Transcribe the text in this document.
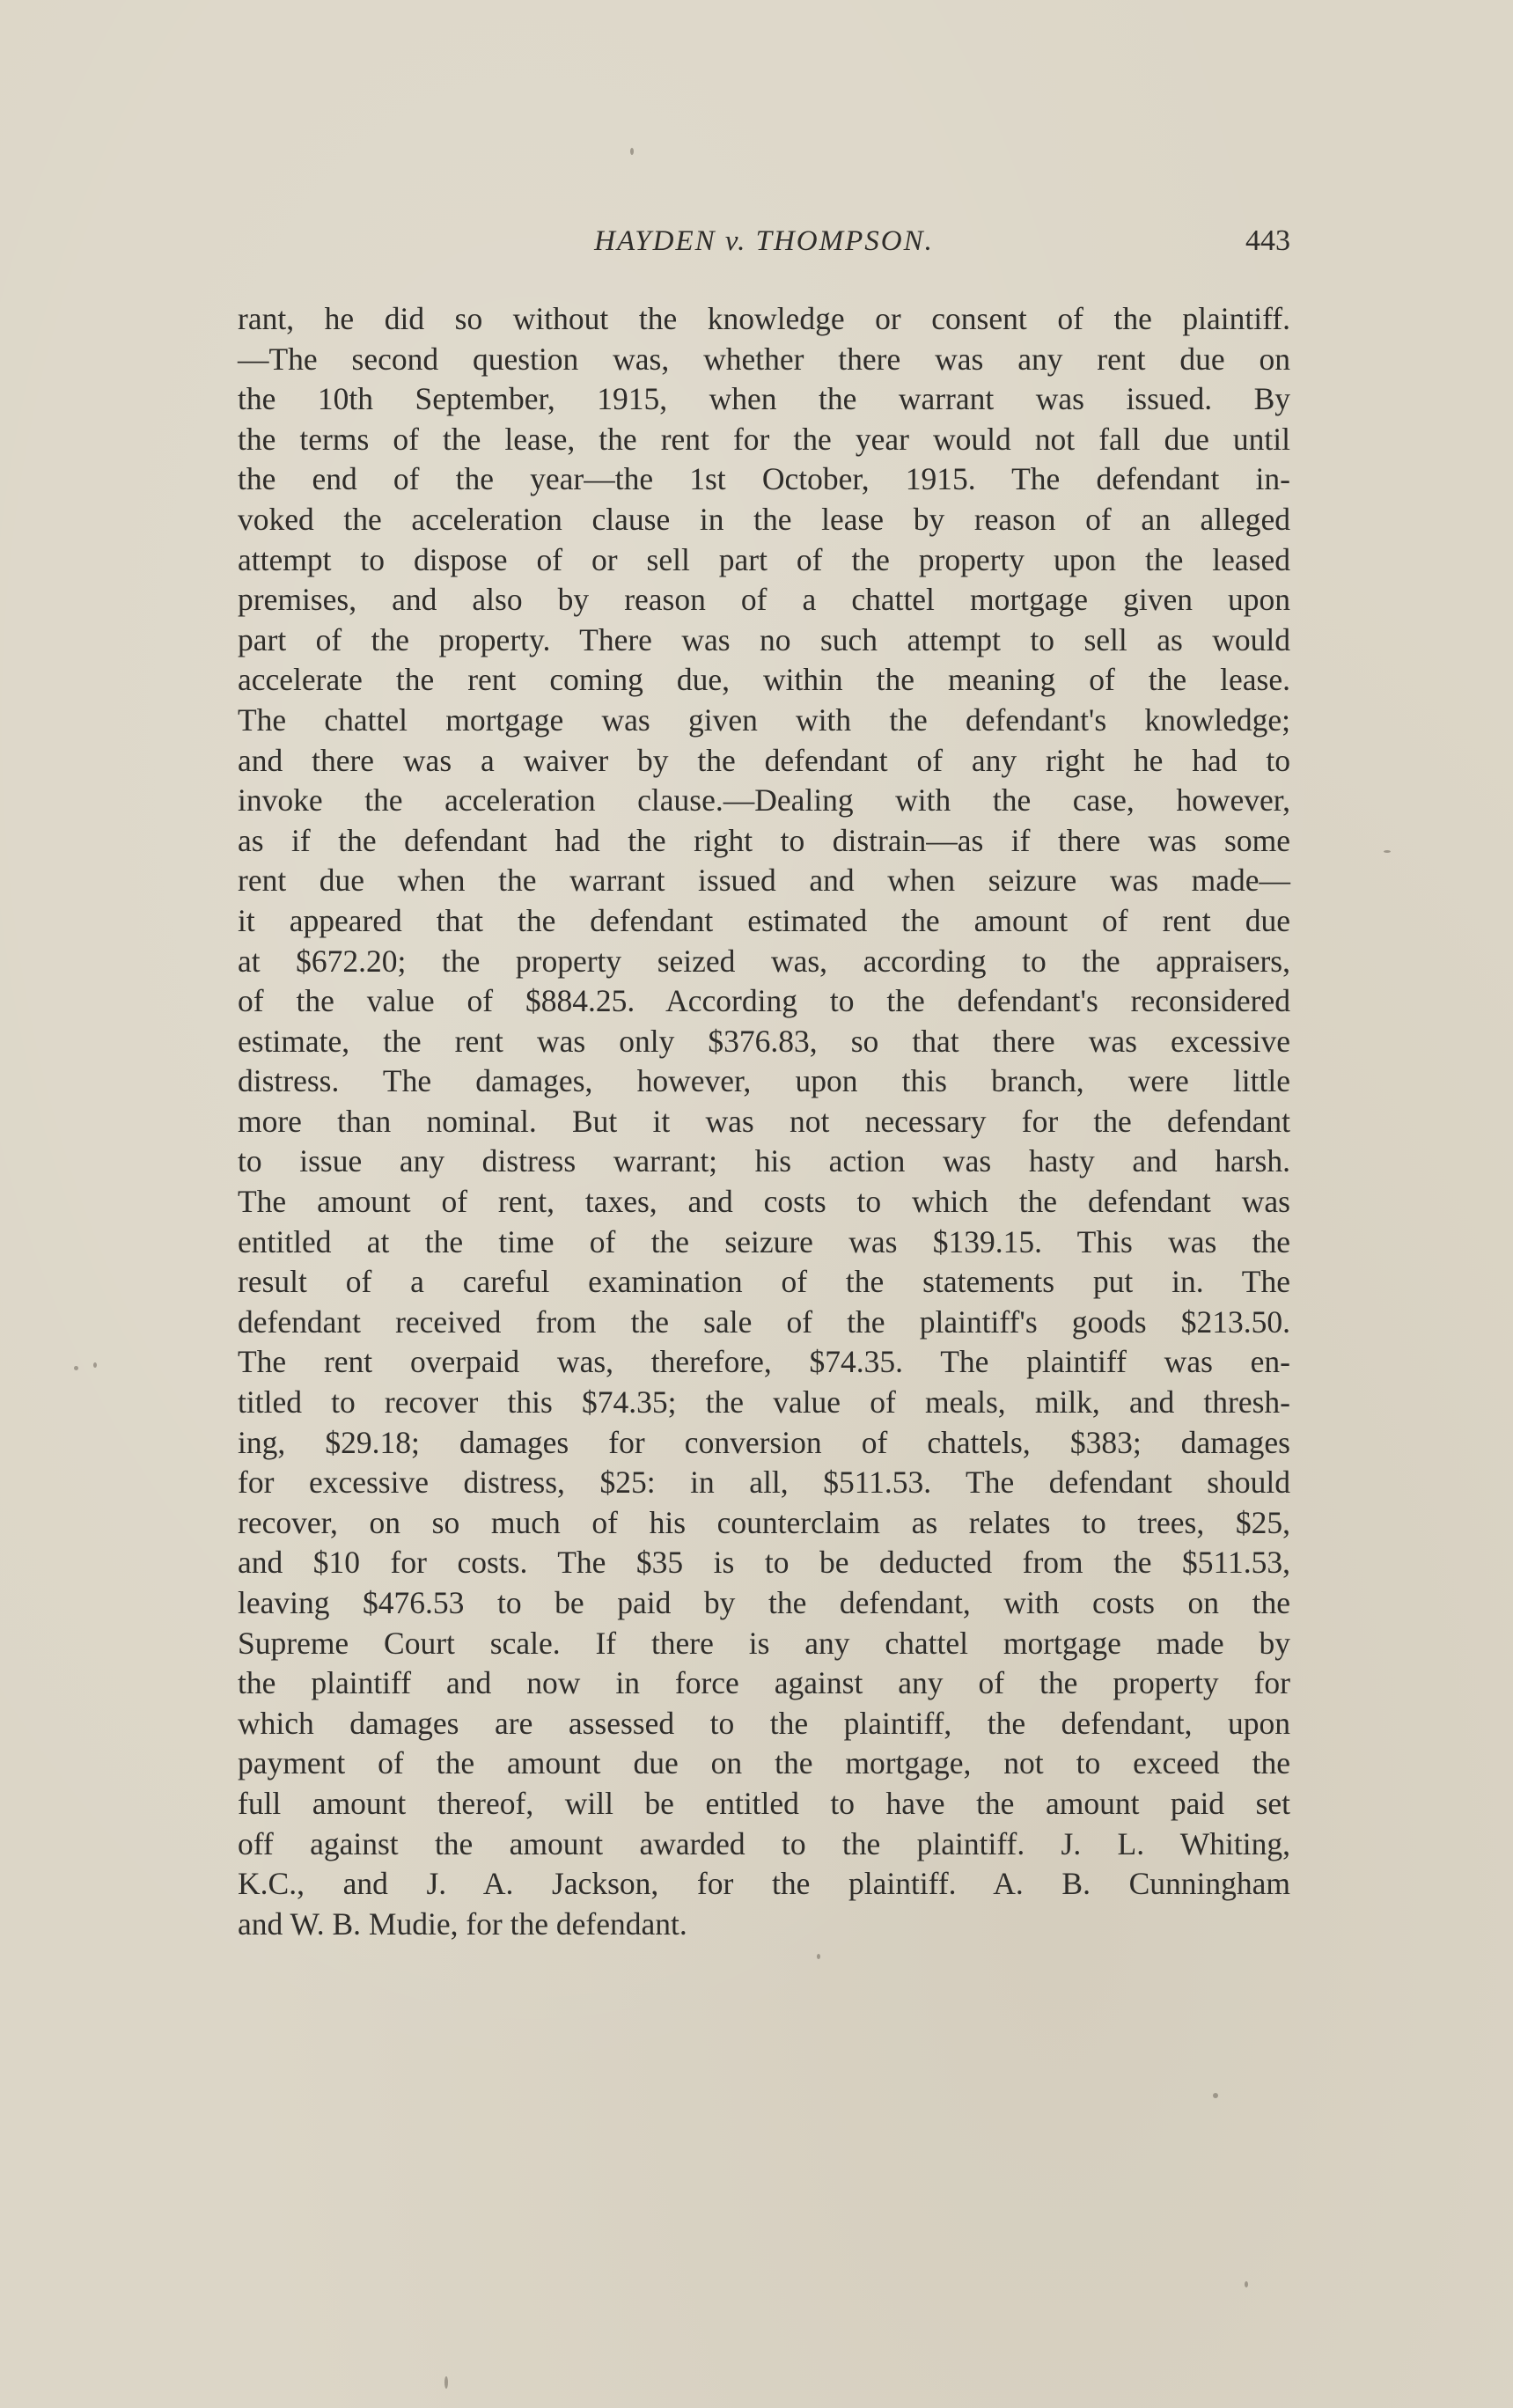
HAYDEN v. THOMPSON.	443
rant, he did so without the knowledge or consent of the plaintiff.
—The second question was, whether there was any rent due on
the 10th September, 1915, when the warrant was issued. By
the terms of the lease, the rent for the year would not fall due until
the end of the year—the 1st October, 1915. The defendant in-
voked the acceleration clause in the lease by reason of an alleged
attempt to dispose of or sell part of the property upon the leased
premises, and also by reason of a chattel mortgage given upon
part of the property. There was no such attempt to sell as would
accelerate the rent coming due, within the meaning of the lease.
The chattel mortgage was given with the defendant's knowledge;
and there was a waiver by the defendant of any right he had to
invoke the acceleration clause.—Dealing with the case, however,
as if the defendant had the right to distrain—as if there was some
rent due when the warrant issued and when seizure was made—
it appeared that the defendant estimated the amount of rent due
at $672.20; the property seized was, according to the appraisers,
of the value of $884.25. According to the defendant's reconsidered
estimate, the rent was only $376.83, so that there was excessive
distress. The damages, however, upon this branch, were little
more than nominal. But it was not necessary for the defendant
to issue any distress warrant; his action was hasty and harsh.
The amount of rent, taxes, and costs to which the defendant was
entitled at the time of the seizure was $139.15. This was the
result of a careful examination of the statements put in. The
defendant received from the sale of the plaintiff's goods $213.50.
The rent overpaid was, therefore, $74.35. The plaintiff was en-
titled to recover this $74.35; the value of meals, milk, and thresh-
ing, $29.18; damages for conversion of chattels, $383; damages
for excessive distress, $25: in all, $511.53. The defendant should
recover, on so much of his counterclaim as relates to trees, $25,
and $10 for costs. The $35 is to be deducted from the $511.53,
leaving $476.53 to be paid by the defendant, with costs on the
Supreme Court scale. If there is any chattel mortgage made by
the plaintiff and now in force against any of the property for
which damages are assessed to the plaintiff, the defendant, upon
payment of the amount due on the mortgage, not to exceed the
full amount thereof, will be entitled to have the amount paid set
off against the amount awarded to the plaintiff. J. L. Whiting,
K.C., and J. A. Jackson, for the plaintiff. A. B. Cunningham
and W. B. Mudie, for the defendant.
